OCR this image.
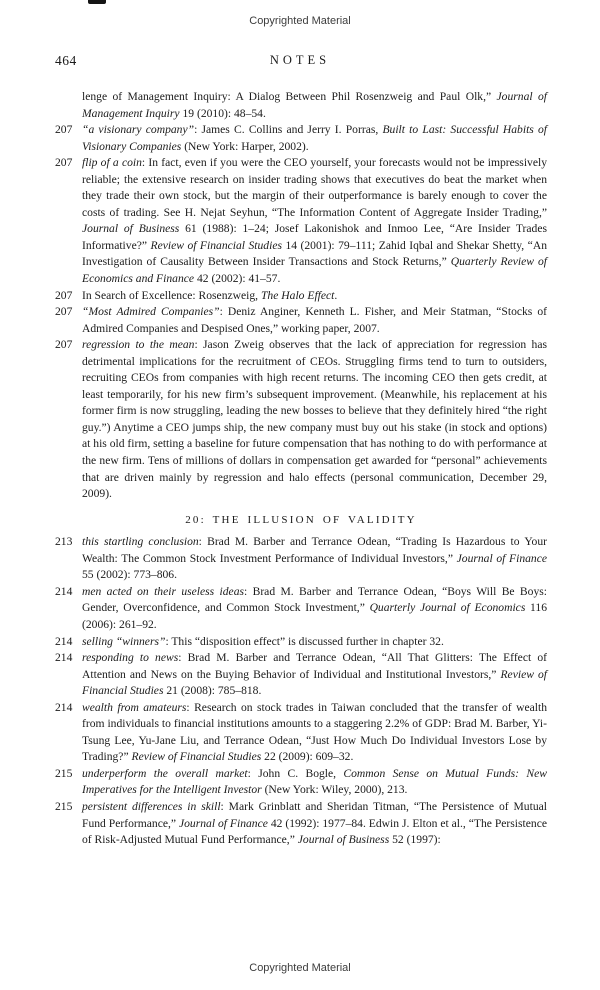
Copyrighted Material
464	NOTES
lenge of Management Inquiry: A Dialog Between Phil Rosenzweig and Paul Olk,” Journal of Management Inquiry 19 (2010): 48–54.
207 “a visionary company”: James C. Collins and Jerry I. Porras, Built to Last: Successful Habits of Visionary Companies (New York: Harper, 2002).
207 flip of a coin: In fact, even if you were the CEO yourself, your forecasts would not be impressively reliable; the extensive research on insider trading shows that executives do beat the market when they trade their own stock, but the margin of their outperformance is barely enough to cover the costs of trading. See H. Nejat Seyhun, “The Information Content of Aggregate Insider Trading,” Journal of Business 61 (1988): 1–24; Josef Lakonishok and Inmoo Lee, “Are Insider Trades Informative?” Review of Financial Studies 14 (2001): 79–111; Zahid Iqbal and Shekar Shetty, “An Investigation of Causality Between Insider Transactions and Stock Returns,” Quarterly Review of Economics and Finance 42 (2002): 41–57.
207 In Search of Excellence: Rosenzweig, The Halo Effect.
207 “Most Admired Companies”: Deniz Anginer, Kenneth L. Fisher, and Meir Statman, “Stocks of Admired Companies and Despised Ones,” working paper, 2007.
207 regression to the mean: Jason Zweig observes that the lack of appreciation for regression has detrimental implications for the recruitment of CEOs. Struggling firms tend to turn to outsiders, recruiting CEOs from companies with high recent returns. The incoming CEO then gets credit, at least temporarily, for his new firm’s subsequent improvement. (Meanwhile, his replacement at his former firm is now struggling, leading the new bosses to believe that they definitely hired “the right guy.”) Anytime a CEO jumps ship, the new company must buy out his stake (in stock and options) at his old firm, setting a baseline for future compensation that has nothing to do with performance at the new firm. Tens of millions of dollars in compensation get awarded for “personal” achievements that are driven mainly by regression and halo effects (personal communication, December 29, 2009).
20: THE ILLUSION OF VALIDITY
213 this startling conclusion: Brad M. Barber and Terrance Odean, “Trading Is Hazardous to Your Wealth: The Common Stock Investment Performance of Individual Investors,” Journal of Finance 55 (2002): 773–806.
214 men acted on their useless ideas: Brad M. Barber and Terrance Odean, “Boys Will Be Boys: Gender, Overconfidence, and Common Stock Investment,” Quarterly Journal of Economics 116 (2006): 261–92.
214 selling “winners”: This “disposition effect” is discussed further in chapter 32.
214 responding to news: Brad M. Barber and Terrance Odean, “All That Glitters: The Effect of Attention and News on the Buying Behavior of Individual and Institutional Investors,” Review of Financial Studies 21 (2008): 785–818.
214 wealth from amateurs: Research on stock trades in Taiwan concluded that the transfer of wealth from individuals to financial institutions amounts to a staggering 2.2% of GDP: Brad M. Barber, Yi-Tsung Lee, Yu-Jane Liu, and Terrance Odean, “Just How Much Do Individual Investors Lose by Trading?” Review of Financial Studies 22 (2009): 609–32.
215 underperform the overall market: John C. Bogle, Common Sense on Mutual Funds: New Imperatives for the Intelligent Investor (New York: Wiley, 2000), 213.
215 persistent differences in skill: Mark Grinblatt and Sheridan Titman, “The Persistence of Mutual Fund Performance,” Journal of Finance 42 (1992): 1977–84. Edwin J. Elton et al., “The Persistence of Risk-Adjusted Mutual Fund Performance,” Journal of Business 52 (1997):
Copyrighted Material
